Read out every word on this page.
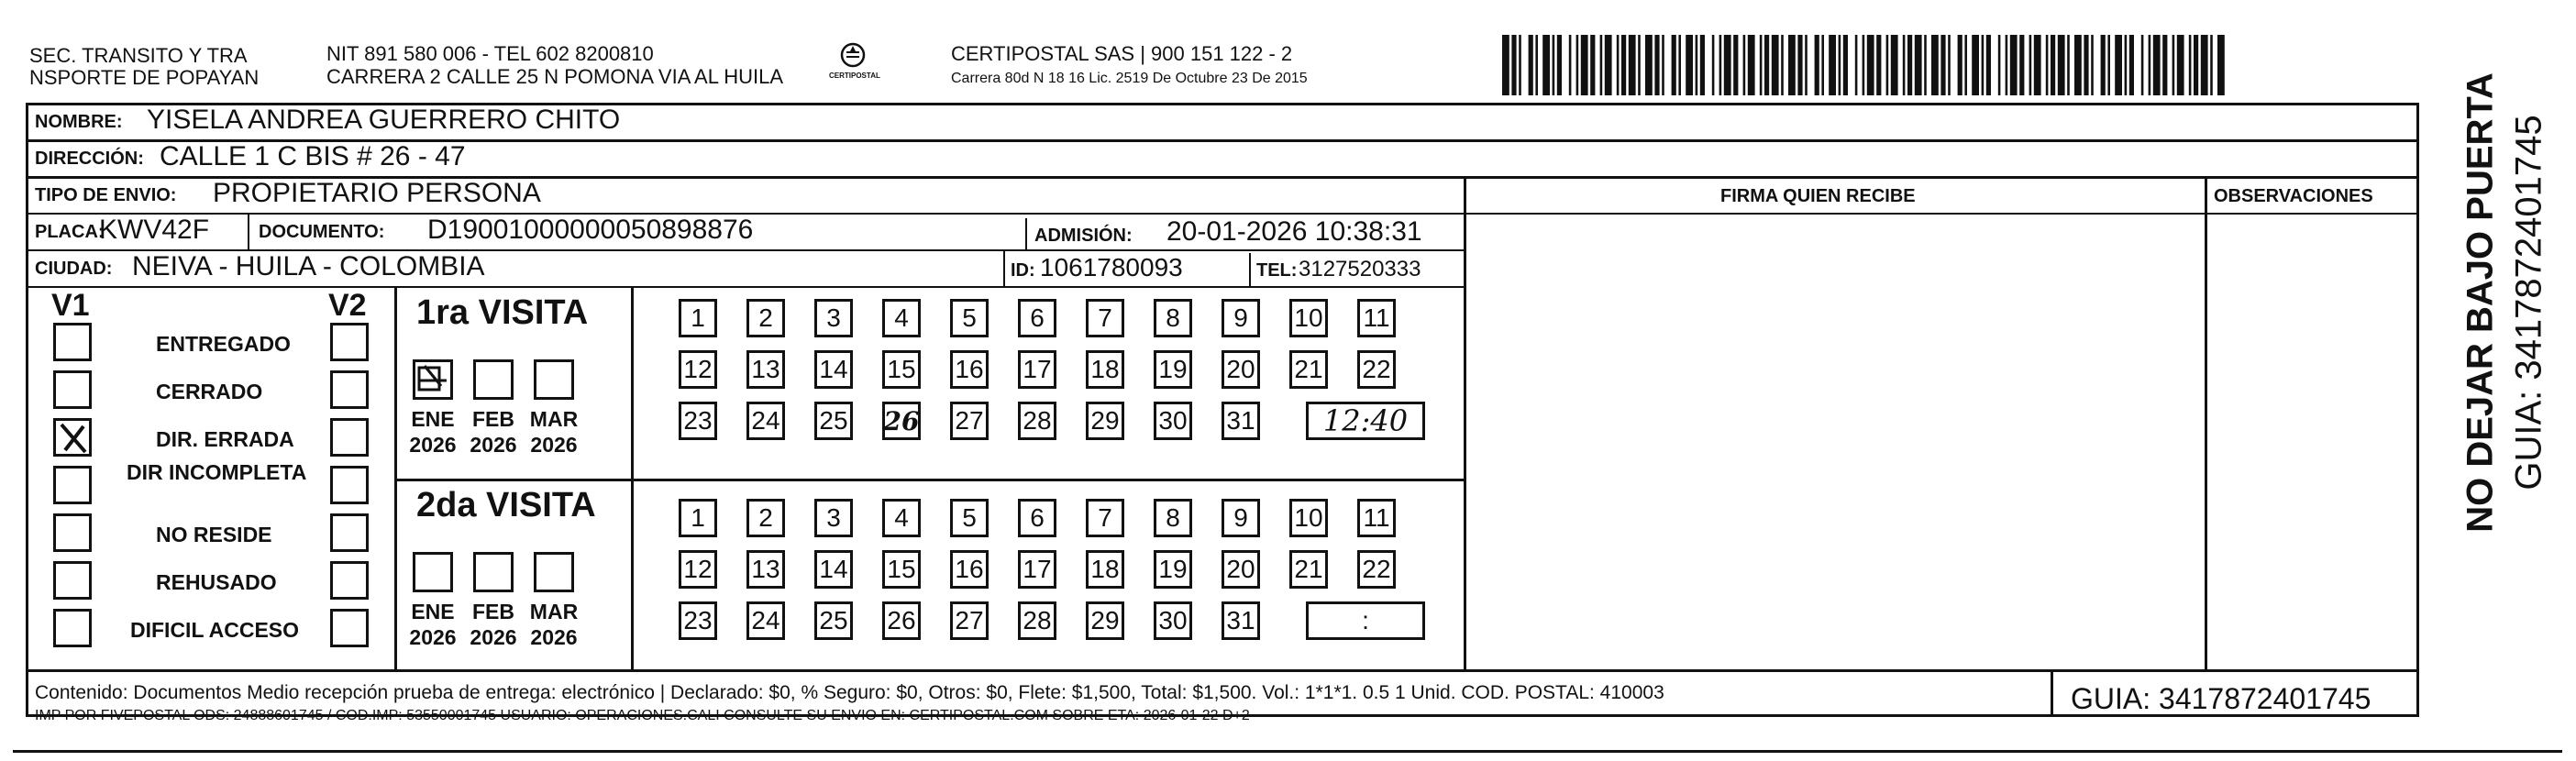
SEC. TRANSITO Y TRA
NSPORTE DE POPAYAN
NIT 891 580 006 - TEL 602 8200810
CARRERA 2 CALLE 25 N POMONA VIA AL HUILA	CERTIPOSTAL
CERTIPOSTAL SAS | 900 151 122 - 2
Carrera 80d N 18 16 Lic. 2519 De Octubre 23 De 2015
NOMBRE: YISELA ANDREA GUERRERO CHITO
DIRECCIÓN: CALLE 1 C BIS # 26 - 47
TIPO DE ENVIO: PROPIETARIO PERSONA	FIRMA QUIEN RECIBE	OBSERVACIONES
PLACA:
KWV42F	DOCUMENTO: D19001000000050898876	ADMISIÓN: 20-01-2026 10:38:31
CIUDAD: NEIVA - HUILA - COLOMBIA	ID: 1061780093	TEL: 3127520333
V1	V2 1ra VISITA
2da VISITA
Contenido: Documentos Medio recepción prueba de entrega: electrónico | Declarado: $0, % Seguro: $0, Otros: $0, Flete: $1,500, Total: $1,500. Vol.: 1*1*1. 0.5 1 Unid. COD. POSTAL: 410003
IMP POR FIVEPOSTAL ODS: 24888601745 / COD.IMP: 53550001745 USUARIO: OPERACIONES.CALI CONSULTE SU ENVIO EN: CERTIPOSTAL.COM SOBRE ETA: 2026-01-22 D+2
GUIA: 3417872401745
NO DEJAR BAJO PUERTA GUIA: 3417872401745
ENTREGADO
CERRADO
DIR. ERRADA
DIR INCOMPLETA
NO RESIDE
REHUSADO
DIFICIL ACCESO
ENE
2026
FEB
2026
MAR
2026
ENE
2026
FEB
2026
MAR
2026
1	2	3	4	5	6	7	8	9	10 11
12 13 14 15 16 17 18 19 20 21 22
23 24 25 26 27 28 29 30 31	12:40
1	2	3	4	5	6	7	8	9	10 11
12 13 14 15 16 17 18 19 20 21 22
23 24 25 26 27 28 29 30 31	:
